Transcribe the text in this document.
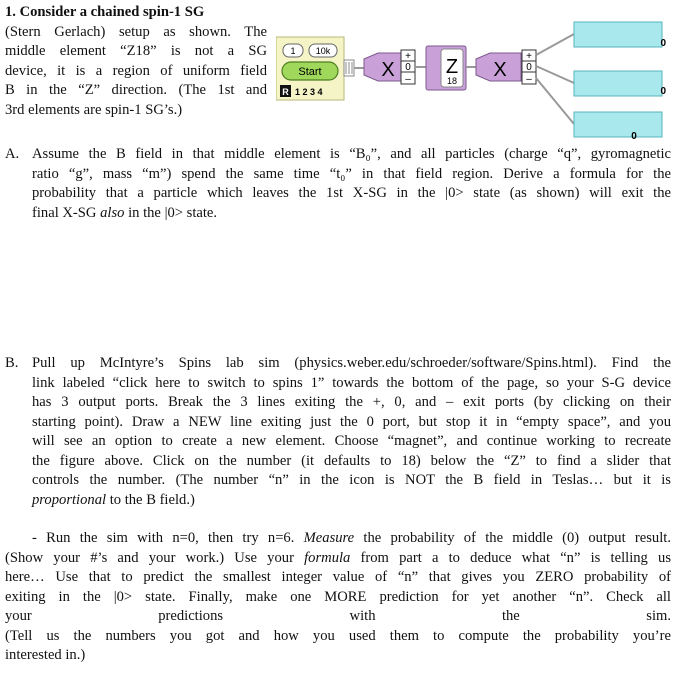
1. Consider a chained spin-1 SG
(Stern Gerlach) setup as shown. The
middle element “Z18” is not a SG
device, it is a region of uniform field
B in the “Z” direction. (The 1st and
3rd elements are spin-1 SG’s.)
1 10k
Start
R 1 2 3 4
X
+
0
–
Z
18 X
+
0
–
0
0
0
A. Assume the B field in that middle element is “B₀”, and all particles (charge “q”, gyromagnetic
ratio “g”, mass “m”) spend the same time “t₀” in that field region. Derive a formula for the
probability that a particle which leaves the 1st X-SG in the |0> state (as shown) will exit the
final X-SG also in the |0> state.
B. Pull up McIntyre’s Spins lab sim (physics.weber.edu/schroeder/software/Spins.html). Find the
link labeled “click here to switch to spins 1” towards the bottom of the page, so your S-G device
has 3 output ports. Break the 3 lines exiting the +, 0, and – exit ports (by clicking on their
starting point). Draw a NEW line exiting just the 0 port, but stop it in “empty space”, and you
will see an option to create a new element. Choose “magnet”, and continue working to recreate
the figure above. Click on the number (it defaults to 18) below the “Z” to find a slider that
controls the number. (The number “n” in the icon is NOT the B field in Teslas… but it is
proportional to the B field.)
- Run the sim with n=0, then try n=6. Measure the probability of the middle (0) output result.
(Show your #’s and your work.) Use your formula from part a to deduce what “n” is telling us
here… Use that to predict the smallest integer value of “n” that gives you ZERO probability of
exiting in the |0> state. Finally, make one MORE prediction for yet another “n”. Check all
your predictions with the sim.
(Tell us the numbers you got and how you used them to compute the probability you’re
interested in.)
